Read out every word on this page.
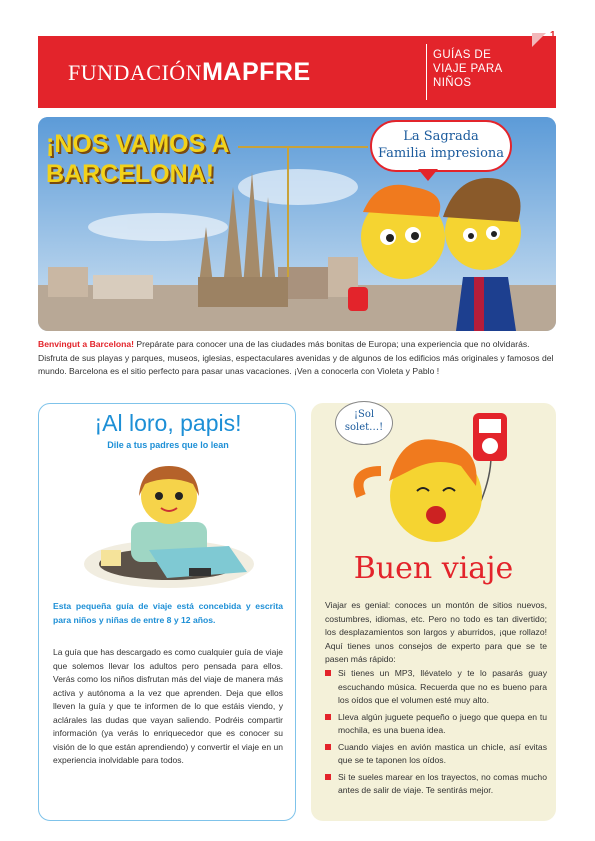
FUNDACIÓNMAPFRE
GUÍAS DE
VIAJE PARA
NIÑOS
1
¡NOS VAMOS A
BARCELONA!
La Sagrada
Familia impresiona
Benvingut a Barcelona! Prepárate para conocer una de las ciudades más bonitas de Europa; una experiencia que no olvidarás. Disfruta de sus playas y parques, museos, iglesias, espectaculares avenidas y de algunos de los edificios más originales y famosos del mundo. Barcelona es el sitio perfecto para pasar unas vacaciones. ¡Ven a conocerla con Violeta y Pablo !
¡Al loro, papis!
Dile a tus padres que lo lean
Esta pequeña guía de viaje está concebida y escrita para niños y niñas de entre 8 y 12 años.
La guía que has descargado es como cualquier guía de viaje que solemos llevar los adultos pero pensada para ellos. Verás como los niños disfrutan más del viaje de manera más activa y autónoma a la vez que aprenden. Deja que ellos lleven la guía y que te informen de lo que estáis viendo, y aclárales las dudas que vayan saliendo. Podréis compartir información (ya verás lo enriquecedor que es conocer su visión de lo que están aprendiendo) y convertir el viaje en un experiencia inolvidable para todos.
¡Sol
solet…!
Buen viaje
Viajar es genial: conoces un montón de sitios nuevos, costumbres, idiomas, etc. Pero no todo es tan divertido; los desplazamientos son largos y aburridos, ¡que rollazo! Aquí tienes unos consejos de experto para que se te pasen más rápido:
Si tienes un MP3, llévatelo y te lo pasarás guay escuchando música. Recuerda que no es bueno para los oídos que el volumen esté muy alto.
Lleva algún juguete pequeño o juego que quepa en tu mochila, es una buena idea.
Cuando viajes en avión mastica un chicle, así evitas que se te taponen los oídos.
Si te sueles marear en los trayectos, no comas mucho antes de salir de viaje. Te sentirás mejor.
